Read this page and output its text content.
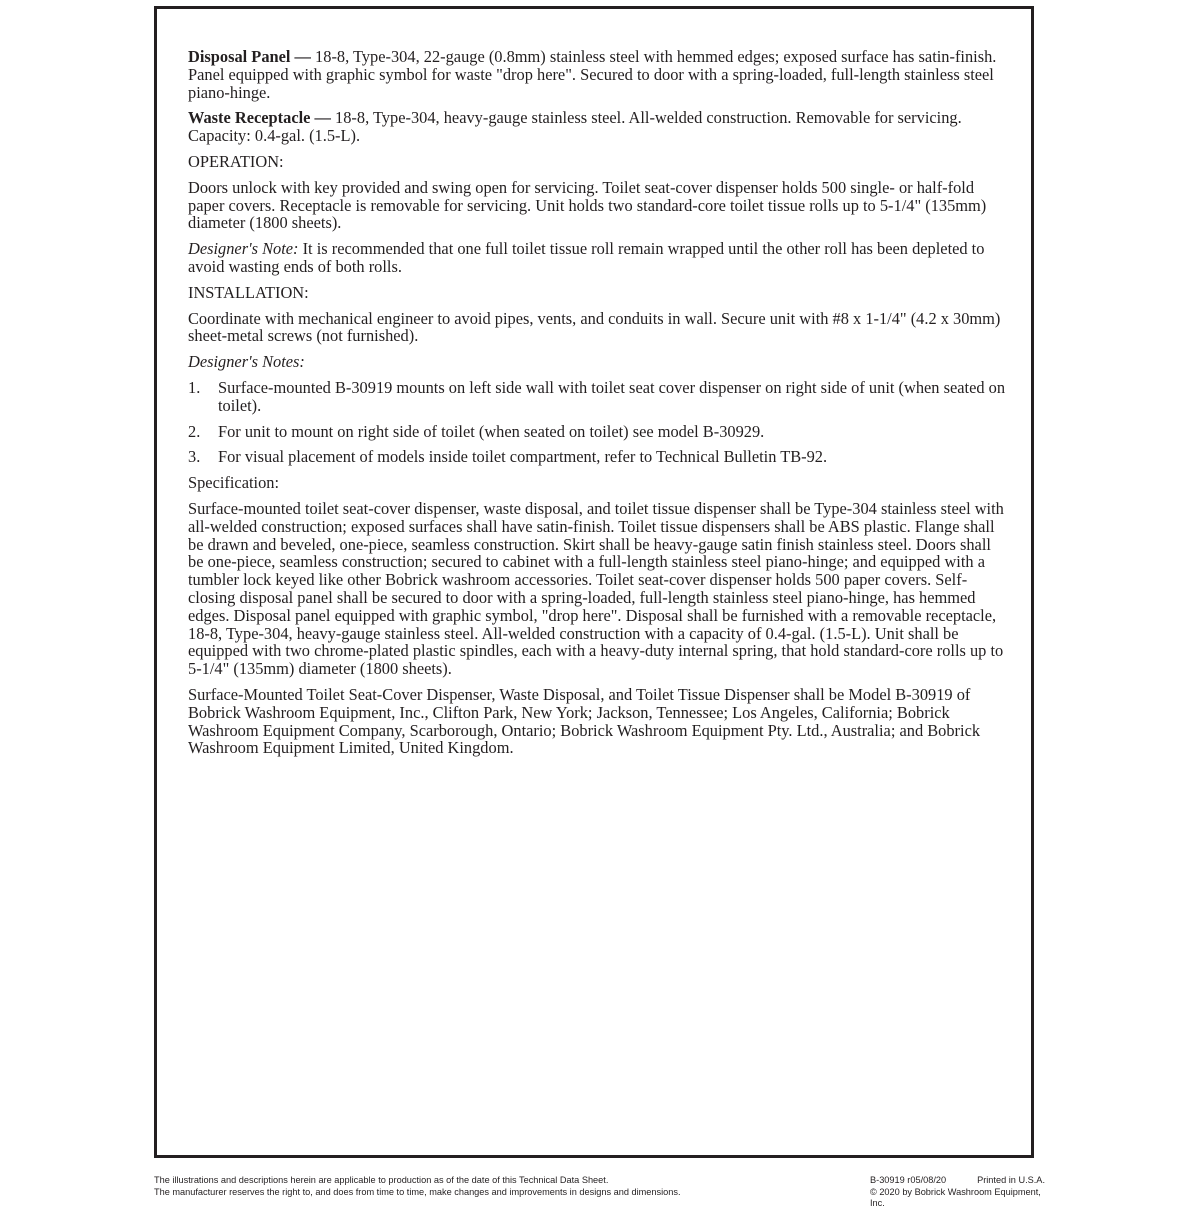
Disposal Panel — 18-8, Type-304, 22-gauge (0.8mm) stainless steel with hemmed edges; exposed surface has satin-finish. Panel equipped with graphic symbol for waste "drop here". Secured to door with a spring-loaded, full-length stainless steel piano-hinge.

Waste Receptacle — 18-8, Type-304, heavy-gauge stainless steel. All-welded construction. Removable for servicing. Capacity: 0.4-gal. (1.5-L).

OPERATION:

Doors unlock with key provided and swing open for servicing. Toilet seat-cover dispenser holds 500 single- or half-fold paper covers. Receptacle is removable for servicing. Unit holds two standard-core toilet tissue rolls up to 5-1/4" (135mm) diameter (1800 sheets).

Designer's Note: It is recommended that one full toilet tissue roll remain wrapped until the other roll has been depleted to avoid wasting ends of both rolls.

INSTALLATION:

Coordinate with mechanical engineer to avoid pipes, vents, and conduits in wall. Secure unit with #8 x 1-1/4" (4.2 x 30mm) sheet-metal screws (not furnished).

Designer's Notes:

1.	Surface-mounted B-30919 mounts on left side wall with toilet seat cover dispenser on right side of unit (when seated on toilet).
2.	For unit to mount on right side of toilet (when seated on toilet) see model B-30929.
3.	For visual placement of models inside toilet compartment, refer to Technical Bulletin TB-92.

Specification:

Surface-mounted toilet seat-cover dispenser, waste disposal, and toilet tissue dispenser shall be Type-304 stainless steel with all-welded construction; exposed surfaces shall have satin-finish. Toilet tissue dispensers shall be ABS plastic. Flange shall be drawn and beveled, one-piece, seamless construction. Skirt shall be heavy-gauge satin finish stainless steel. Doors shall be one-piece, seamless construction; secured to cabinet with a full-length stainless steel piano-hinge; and equipped with a tumbler lock keyed like other Bobrick washroom accessories. Toilet seat-cover dispenser holds 500 paper covers. Self-closing disposal panel shall be secured to door with a spring-loaded, full-length stainless steel piano-hinge, has hemmed edges. Disposal panel equipped with graphic symbol, "drop here". Disposal shall be furnished with a removable receptacle, 18-8, Type-304, heavy-gauge stainless steel. All-welded construction with a capacity of 0.4-gal. (1.5-L). Unit shall be equipped with two chrome-plated plastic spindles, each with a heavy-duty internal spring, that hold standard-core rolls up to 5-1/4" (135mm) diameter (1800 sheets).

Surface-Mounted Toilet Seat-Cover Dispenser, Waste Disposal, and Toilet Tissue Dispenser shall be Model B-30919 of Bobrick Washroom Equipment, Inc., Clifton Park, New York; Jackson, Tennessee; Los Angeles, California; Bobrick Washroom Equipment Company, Scarborough, Ontario; Bobrick Washroom Equipment Pty. Ltd., Australia; and Bobrick Washroom Equipment Limited, United Kingdom.

The illustrations and descriptions herein are applicable to production as of the date of this Technical Data Sheet.
The manufacturer reserves the right to, and does from time to time, make changes and improvements in designs and dimensions.
B-30919 r05/08/20	Printed in U.S.A.
© 2020 by Bobrick Washroom Equipment, Inc.
